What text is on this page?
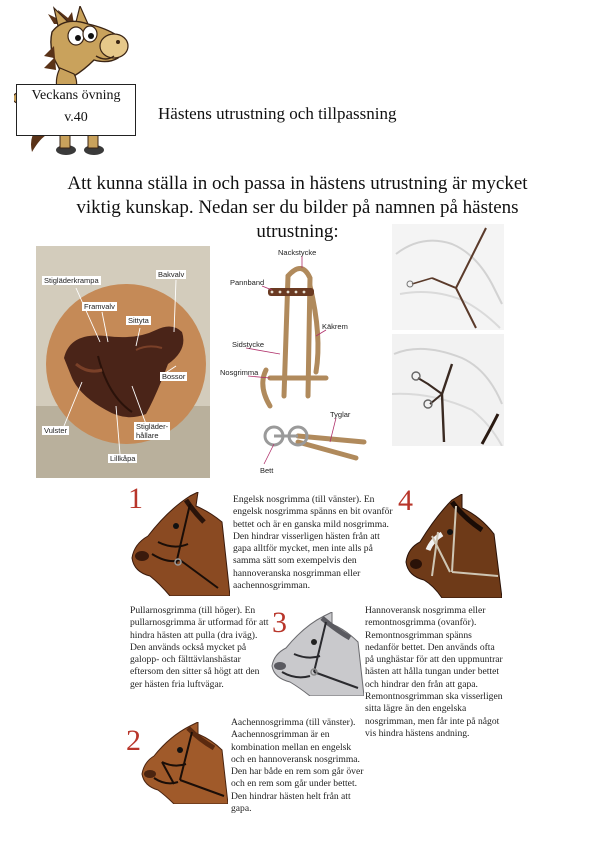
Veckans övning
v.40	Hästens utrustning och tillpassning
Att kunna ställa in och passa in hästens utrustning är mycket viktig kunskap. Nedan ser du bilder på namnen på hästens utrustning:
Stigläderkrampa
Bakvalv
Framvalv
Sittyta
Bossor
Vulster	Stigläder-
hållare
Lillkåpa
Nackstycke
Pannband
Käkrem
Sidstycke
Nosgrimma
Tyglar
Bett
1	Engelsk nosgrimma (till vänster). En engelsk nosgrimma spänns en bit ovanför bettet och är en ganska mild nosgrimma. Den hindrar visserligen hästen från att gapa alltför mycket, men inte alls på samma sätt som exempelvis den hannoveranska nosgrimman eller aachennosgrimman.
4
Pullarnosgrimma (till höger). En pullarnosgrimma är utformad för att hindra hästen att pulla (dra iväg). Den används också mycket på galopp- och fälttävlanshästar eftersom den sitter så högt att den ger hästen fria luftvägar.
3	Hannoveransk nosgrimma eller remontnosgrimma (ovanför). Remontnosgrimman spänns nedanför bettet. Den används ofta på unghästar för att den uppmuntrar hästen att hålla tungan under bettet och hindrar den från att gapa. Remontnosgrimman ska visserligen sitta lägre än den engelska nosgrimman, men får inte på något vis hindra hästens andning.
2
Aachennosgrimma (till vänster). Aachennosgrimman är en kombination mellan en engelsk och en hannoveransk nosgrimma. Den har både en rem som går över och en rem som går under bettet. Den hindrar hästen helt från att gapa.
